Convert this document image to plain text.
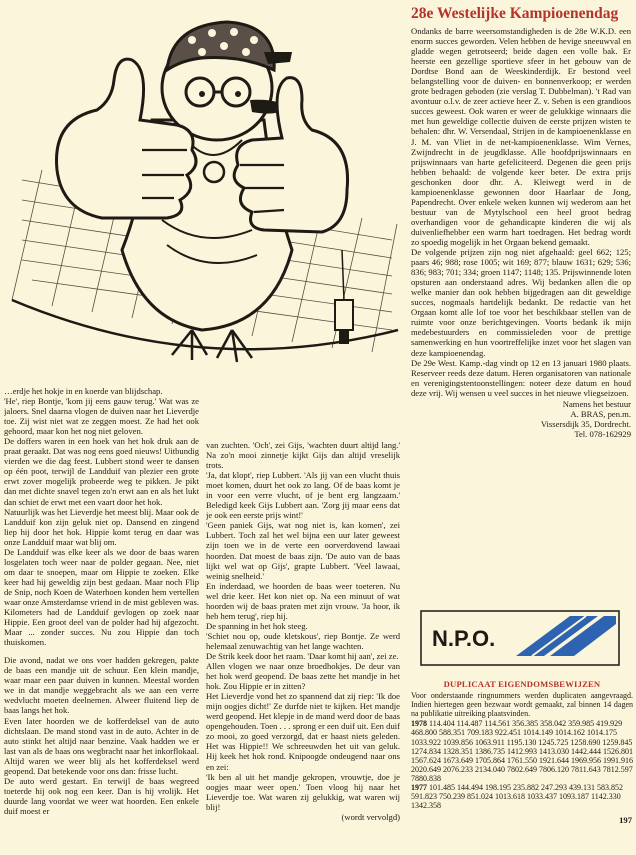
…erdje het hokje in en koerde van blijdschap.

'He', riep Bontje, 'kom jij eens gauw terug.' Wat was ze jaloers. Snel daarna vlogen de duiven naar het Lieverdje toe. Zij wist niet wat ze zeggen moest. Ze had het ook gehoord, maar kon het nog niet geloven.

De doffers waren in een hoek van het hok druk aan de praat geraakt. Dat was nog eens goed nieuws! Uitbundig vierden we die dag feest. Lubbert stond weer te dansen op één poot, terwijl de Landduif van plezier een grote erwt zover mogelijk probeerde weg te pikken. Je pikt dan met dichte snavel tegen zo'n erwt aan en als het lukt dan schiet de erwt met een vaart door het hok.

Natuurlijk was het Lieverdje het meest blij. Maar ook de Landduif kon zijn geluk niet op. Dansend en zingend liep hij door het hok. Hippie komt terug en daar was onze Landduif maar wat blij om.

De Landduif was elke keer als we door de baas waren losgelaten toch weer naar de polder gegaan. Nee, niet om daar te snoepen, maar om Hippie te zoeken. Elke keer had hij geweldig zijn best gedaan. Maar noch Flip de Snip, noch Koen de Waterhoen konden hem vertellen waar onze Amsterdamse vriend in de mist gebleven was. Kilometers had de Landduif gevlogen op zoek naar Hippie. Een groot deel van de polder had hij afgezocht. Maar ... zonder succes. Nu zou Hippie dan toch thuiskomen.

Die avond, nadat we ons voer hadden gekregen, pakte de baas een mandje uit de schuur. Een klein mandje, waar maar een paar duiven in kunnen. Meestal worden we in dat mandje weggebracht als we aan een verre wedvlucht moeten deelnemen. Alweer fluitend liep de baas langs het hok.

Even later hoorden we de kofferdeksel van de auto dichtslaan. De mand stond vast in de auto. Achter in de auto stinkt het altijd naar benzine. Vaak hadden we er last van als de baas ons wegbracht naar het inkorflokaal. Altijd waren we weer blij als het kofferdeksel werd geopend. Dat betekende voor ons dan: frisse lucht.

De auto werd gestart. En terwijl de baas wegreed toeterde hij ook nog een keer. Dan is hij vrolijk. Het duurde lang voordat we weer wat hoorden. Een enkele duif moest er

van zuchten. 'Och', zei Gijs, 'wachten duurt altijd lang.' Na zo'n mooi zinnetje kijkt Gijs dan altijd vreselijk trots.

'Ja, dat klopt', riep Lubbert. 'Als jij van een vlucht thuis moet komen, duurt het ook zo lang. Of de baas komt je in voor een verre vlucht, of je bent erg langzaam.' Beledigd keek Gijs Lubbert aan. 'Zorg jij maar eens dat je ook een eerste prijs wint!'

'Geen paniek Gijs, wat nog niet is, kan komen', zei Lubbert. Toch zal het wel bijna een uur later geweest zijn toen we in de verte een oorverdovend lawaai hoorden. Dat moest de baas zijn. 'De auto van de baas lijkt wel wat op Gijs', grapte Lubbert. 'Veel lawaai, weinig snelheid.'

En inderdaad, we hoorden de baas weer toeteren. Nu wel drie keer. Het kon niet op. Na een minuut of wat hoorden wij de baas praten met zijn vrouw. 'Ja hoor, ik heb hem terug', riep hij.

De spanning in het hok steeg.

'Schiet nou op, oude kletskous', riep Bontje. Ze werd helemaal zenuwachtig van het lange wachten.

De Strik keek door het raam. 'Daar komt hij aan', zei ze.

Allen vlogen we naar onze broedhokjes. De deur van het hok werd geopend. De baas zette het mandje in het hok. Zou Hippie er in zitten?

Het Lieverdje vond het zo spannend dat zij riep: 'Ik doe mijn oogjes dicht!' Ze durfde niet te kijken. Het mandje werd geopend. Het klepje in de mand werd door de baas opengehouden. Toen . . . sprong er een duif uit. Een duif zo mooi, zo goed verzorgd, dat er haast niets geleden. Het was Hippie!! We schreeuwden het uit van geluk. Hij keek het hok rond. Knipoogde ondeugend naar ons en zei:

'Ik ben al uit het mandje gekropen, vrouwtje, doe je oogjes maar weer open.' Toen vloog hij naar het Lieverdje toe. Wat waren zij gelukkig, wat waren wij blij!

(wordt vervolgd)
28e Westelijke Kampioenendag

Ondanks de barre weersomstandigheden is de 28e W.K.D. een enorm succes geworden. Velen hebben de hevige sneeuwval en gladde wegen getrotseerd; beide dagen een volle bak. Er heerste een gezellige sportieve sfeer in het gebouw van de Dordtse Bond aan de Weeskinderdijk. Er bestond veel belangstelling voor de duiven- en bonnenverkoop; er werden grote bedragen geboden (zie verslag T. Dubbelman). 't Rad van avontuur o.l.v. de zeer actieve heer Z. v. Seben is een grandioos succes geweest. Ook waren er weer de gelukkige winnaars die met hun geweldige collectie duiven de eerste prijzen wisten te behalen: dhr. W. Versendaal, Strijen in de kampioenenklasse en J. M. van Vliet in de net-kampioenenklasse. Wim Vernes, Zwijndrecht in de jeugdklasse. Alle hoofdprijswinnaars en prijswinnaars van harte gefeliciteerd. Degenen die geen prijs hebben behaald: de volgende keer beter. De extra prijs geschonken door dhr. A. Kleiwegt werd in de kampioenenklasse gewonnen door Haarlaar de Jong, Papendrecht. Over enkele weken kunnen wij wederom aan het bestuur van de Mytylschool een heel groot bedrag overhandigen voor de gehandicapte kinderen die wij als duivenliefhebber een warm hart toedragen. Het bedrag wordt zo spoedig mogelijk in het Orgaan bekend gemaakt.

De volgende prijzen zijn nog niet afgehaald: geel 662; 125; paars 46; 988; rose 1005; wit 169; 877; blauw 1631; 629; 536; 836; 983; 701; 334; groen 1147; 1148; 135. Prijswinnende loten opsturen aan onderstaand adres. Wij bedanken allen die op welke manier dan ook hebben bijgedragen aan dit geweldige succes, nogmaals hartdelijk bedankt. De redactie van het Orgaan komt alle lof toe voor het beschikbaar stellen van de ruimte voor onze berichtgevingen. Voorts bedank ik mijn medebestuurders en commissieleden voor de prettige samenwerking en hun voortreffelijke inzet voor het slagen van deze kampioenendag.

De 29e West. Kamp.-dag vindt op 12 en 13 januari 1980 plaats. Reserveer reeds deze datum. Heren organisatoren van nationale en verenigingstentoonstellingen: noteer deze datum en houd deze vrij. Wij wensen u veel succes in het nieuwe vliegseizoen.

Namens het bestuur
A. BRAS, pen.m.
Vissersdijk 35, Dordrecht.
Tel. 078-162929
N.P.O.
DUPLICAAT EIGENDOMSBEWIJZEN

Voor onderstaande ringnummers werden duplicaten aangevraagd. Indien hiertegen geen bezwaar wordt gemaakt, zal binnen 14 dagen na publikatie uitreiking plaatsvinden.

1978 114.404 114.487 114.561 356.385 358.042 359.985 419.929 468.800 588.351 709.183 922.451 1014.149 1014.162 1014.175 1033.922 1039.856 1063.911 1195.130 1245.725 1258.690 1259.845 1274.834 1328.351 1386.735 1412.993 1413.030 1442.444 1526.801 1567.624 1673.649 1705.864 1761.550 1921.644 1969.956 1991.916 2020.649 2076.233 2134.040 7802.649 7806.120 7811.643 7812.597 7880.838

1977 101.485 144.494 198.195 235.882 247.293 439.131 583.852 591.823 750.239 851.024 1013.618 1033.437 1093.187 1142.330 1342.358

197
